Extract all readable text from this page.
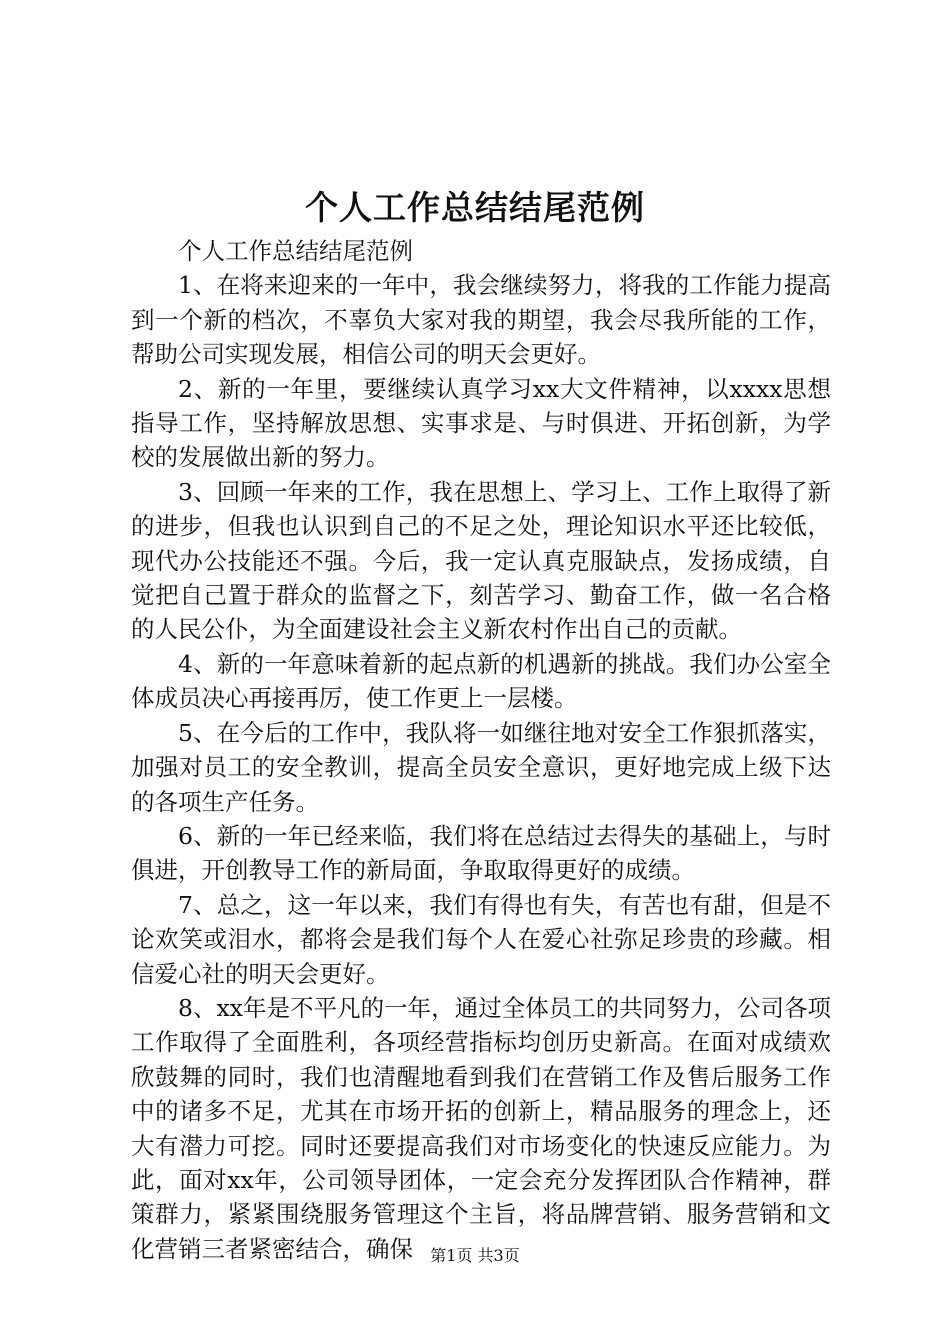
个人工作总结结尾范例

个人工作总结结尾范例

1、在将来迎来的一年中，我会继续努力，将我的工作能力提高到一个新的档次，不辜负大家对我的期望，我会尽我所能的工作，帮助公司实现发展，相信公司的明天会更好。

2、新的一年里，要继续认真学习xx大文件精神，以xxxx思想指导工作，坚持解放思想、实事求是、与时俱进、开拓创新，为学校的发展做出新的努力。

3、回顾一年来的工作，我在思想上、学习上、工作上取得了新的进步，但我也认识到自己的不足之处，理论知识水平还比较低，现代办公技能还不强。今后，我一定认真克服缺点，发扬成绩，自觉把自己置于群众的监督之下，刻苦学习、勤奋工作，做一名合格的人民公仆，为全面建设社会主义新农村作出自己的贡献。

4、新的一年意味着新的起点新的机遇新的挑战。我们办公室全体成员决心再接再厉，使工作更上一层楼。

5、在今后的工作中，我队将一如继往地对安全工作狠抓落实，加强对员工的安全教训，提高全员安全意识，更好地完成上级下达的各项生产任务。

6、新的一年已经来临，我们将在总结过去得失的基础上，与时俱进，开创教导工作的新局面，争取取得更好的成绩。

7、总之，这一年以来，我们有得也有失，有苦也有甜，但是不论欢笑或泪水，都将会是我们每个人在爱心社弥足珍贵的珍藏。相信爱心社的明天会更好。

8、xx年是不平凡的一年，通过全体员工的共同努力，公司各项工作取得了全面胜利，各项经营指标均创历史新高。在面对成绩欢欣鼓舞的同时，我们也清醒地看到我们在营销工作及售后服务工作中的诸多不足，尤其在市场开拓的创新上，精品服务的理念上，还大有潜力可挖。同时还要提高我们对市场变化的快速反应能力。为此，面对xx年，公司领导团体，一定会充分发挥团队合作精神，群策群力，紧紧围绕服务管理这个主旨，将品牌营销、服务营销和文化营销三者紧密结合，确保	第1页 共3页
